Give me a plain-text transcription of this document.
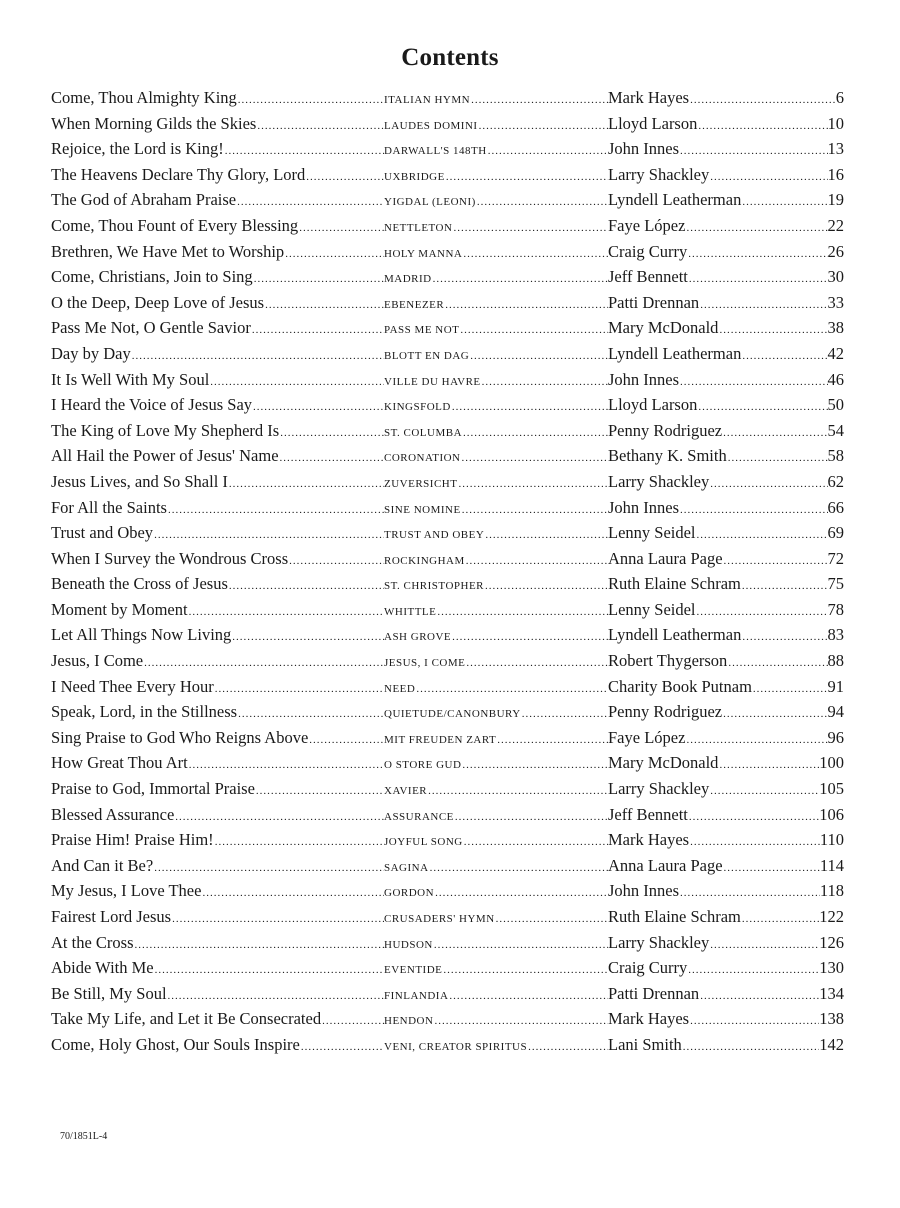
Contents
Come, Thou Almighty King .....	ITALIAN HYMN .....	Mark Hayes .....	6
When Morning Gilds the Skies .....	LAUDES DOMINI .....	Lloyd Larson .....	10
Rejoice, the Lord is King! .....	DARWALL'S 148TH .....	John Innes .....	13
The Heavens Declare Thy Glory, Lord .....	UXBRIDGE .....	Larry Shackley .....	16
The God of Abraham Praise .....	YIGDAL (LEONI) .....	Lyndell Leatherman .....	19
Come, Thou Fount of Every Blessing .....	NETTLETON .....	Faye López .....	22
Brethren, We Have Met to Worship .....	HOLY MANNA .....	Craig Curry .....	26
Come, Christians, Join to Sing .....	MADRID .....	Jeff Bennett .....	30
O the Deep, Deep Love of Jesus .....	EBENEZER .....	Patti Drennan .....	33
Pass Me Not, O Gentle Savior .....	PASS ME NOT .....	Mary McDonald .....	38
Day by Day .....	BLOTT EN DAG .....	Lyndell Leatherman .....	42
It Is Well With My Soul .....	VILLE DU HAVRE .....	John Innes .....	46
I Heard the Voice of Jesus Say .....	KINGSFOLD .....	Lloyd Larson .....	50
The King of Love My Shepherd Is .....	ST. COLUMBA .....	Penny Rodriguez .....	54
All Hail the Power of Jesus' Name .....	CORONATION .....	Bethany K. Smith .....	58
Jesus Lives, and So Shall I .....	ZUVERSICHT .....	Larry Shackley .....	62
For All the Saints .....	SINE NOMINE .....	John Innes .....	66
Trust and Obey .....	TRUST AND OBEY .....	Lenny Seidel .....	69
When I Survey the Wondrous Cross .....	ROCKINGHAM .....	Anna Laura Page .....	72
Beneath the Cross of Jesus .....	ST. CHRISTOPHER .....	Ruth Elaine Schram .....	75
Moment by Moment .....	WHITTLE .....	Lenny Seidel .....	78
Let All Things Now Living .....	ASH GROVE .....	Lyndell Leatherman .....	83
Jesus, I Come .....	JESUS, I COME .....	Robert Thygerson .....	88
I Need Thee Every Hour .....	NEED .....	Charity Book Putnam .....	91
Speak, Lord, in the Stillness .....	QUIETUDE/CANONBURY .....	Penny Rodriguez .....	94
Sing Praise to God Who Reigns Above .....	MIT FREUDEN ZART .....	Faye López .....	96
How Great Thou Art .....	O STORE GUD .....	Mary McDonald .....	100
Praise to God, Immortal Praise .....	XAVIER .....	Larry Shackley .....	105
Blessed Assurance .....	ASSURANCE .....	Jeff Bennett .....	106
Praise Him! Praise Him! .....	JOYFUL SONG .....	Mark Hayes .....	110
And Can it Be? .....	SAGINA .....	Anna Laura Page .....	114
My Jesus, I Love Thee .....	GORDON .....	John Innes .....	118
Fairest Lord Jesus .....	CRUSADERS' HYMN .....	Ruth Elaine Schram .....	122
At the Cross .....	HUDSON .....	Larry Shackley .....	126
Abide With Me .....	EVENTIDE .....	Craig Curry .....	130
Be Still, My Soul .....	FINLANDIA .....	Patti Drennan .....	134
Take My Life, and Let it Be Consecrated .....	HENDON .....	Mark Hayes .....	138
Come, Holy Ghost, Our Souls Inspire .....	VENI, CREATOR SPIRITUS .....	Lani Smith .....	142
70/1851L-4
